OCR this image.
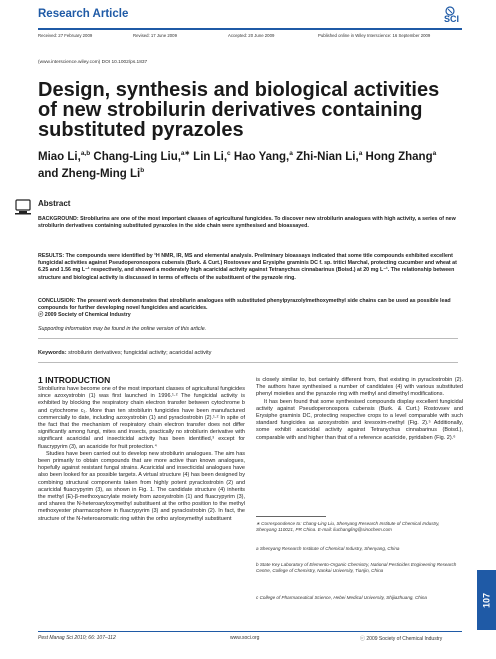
Research Article	SCI
Received: 27 February 2009	Revised: 17 June 2009	Accepted: 20 June 2009	Published online in Wiley Interscience: 16 September 2009
(www.interscience.wiley.com) DOI 10.1002/ps.1837
Design, synthesis and biological activities of new strobilurin derivatives containing substituted pyrazoles
Miao Li,$^{a,b}$ Chang-Ling Liu,$^{a∗}$ Lin Li,$^c$ Hao Yang,$^a$ Zhi-Nian Li,$^a$ Hong Zhang$^a$ and Zheng-Ming Li$^b$
Abstract
BACKGROUND: Strobilurins are one of the most important classes of agricultural fungicides. To discover new strobilurin analogues with high activity, a series of new strobilurin derivatives containing substituted pyrazoles in the side chain were synthesised and bioassayed.
RESULTS: The compounds were identified by ¹H NMR, IR, MS and elemental analysis. Preliminary bioassays indicated that some title compounds exhibited excellent fungicidal activities against Pseudoperonospora cubensis (Burk. & Curt.) Rostovsev and Erysiphe graminis DC f. sp. tritici Marchal, protecting cucumber and wheat at 6.25 and 1.56 mg L⁻¹ respectively, and showed a moderately high acaricidal activity against Tetranychus cinnabarinus (Boisd.) at 20 mg L⁻¹. The relationship between structure and biological activity is discussed in terms of effects of the substituent of the pyrazole ring.
CONCLUSION: The present work demonstrates that strobilurin analogues with substituted phenylpyrazolylmethoxymethyl side chains can be used as possible lead compounds for further developing novel fungicides and acaricides.
ⓒ 2009 Society of Chemical Industry
Supporting information may be found in the online version of this article.
Keywords: strobilurin derivatives; fungicidal activity; acaricidal activity
1 INTRODUCTION
Strobilurins have become one of the most important classes of agricultural fungicides since azoxystrobin (1) was first launched in 1996.¹·² The fungicidal activity is exhibited by blocking the respiratory chain electron transfer between cytochrome b and cytochrome c₁. More than ten strobilurin fungicides have been manufactured commercially to date, including azoxystrobin (1) and pyraclostrobin (2).¹·² In spite of the fact that the mechanism of respiratory chain electron transfer does not differ significantly among fungi, mites and insects, practically no strobilurin derivative with significant acaricidal and insecticidal activity has been identified,³ except for fluacrypyrim (3), an acaricide for fruit protection.⁴
Studies have been carried out to develop new strobilurin analogues. The aim has been primarily to obtain compounds that are more active than known analogues, hopefully against resistant fungal strains. Acaricidal and insecticidal analogues have also been looked for as possible targets. A virtual structure (4) has been designed by combining structural components taken from highly potent pyraclostrobin (2) and acaricidal fluacrypyrim (3), as shown in Fig. 1. The candidate structure (4) inherits the methyl (E)-β-methoxyacrylate moiety from azoxystrobin (1) and fluacrypyrim (3), and shares the N-heteroaryloxymethyl substituent at the ortho position to the methyl methoxyester pharmacophore in fluacrypyrim (3) and pyraclostrobin (2). In fact, the structure of the N-heteroaromatic ring within the ortho aryloxymethyl substituent
is closely similar to, but certainly different from, that existing in pyraclostrobin (2). The authors have synthesised a number of candidates (4) with various substituted phenyl moieties and the pyrazole ring with methyl and dimethyl modifications.
It has been found that some synthesised compounds display excellent fungicidal activity against Pseudoperonospora cubensis (Burk. & Curt.) Rostovsev and Erysiphe graminis DC, protecting respective crops to a level comparable with such standard fungicides as azoxystrobin and kresoxim-methyl (Fig. 2).⁵ Additionally, some exhibit acaricidal activity against Tetranychus cinnabarinus (Boisd.), comparable with and higher than that of a reference acaricide, pyridaben (Fig. 2).⁶
∗ Correspondence to: Chang-Ling Liu, Shenyang Research Institute of Chemical Industry, Shenyang 110021, PR China. E-mail: liuchangling@sinochem.com
a Shenyang Research Institute of Chemical Industry, Shenyang, China
b State Key Laboratory of Elemento-Organic Chemistry, National Pesticides Engineering Research Centre, College of Chemistry, Nankai University, Tianjin, China
c College of Pharmaceutical Science, Hebei Medical University, Shijiazhuang, China	107
Pest Manag Sci 2010; 66: 107–112	www.soci.org	ⓒ 2009 Society of Chemical Industry
